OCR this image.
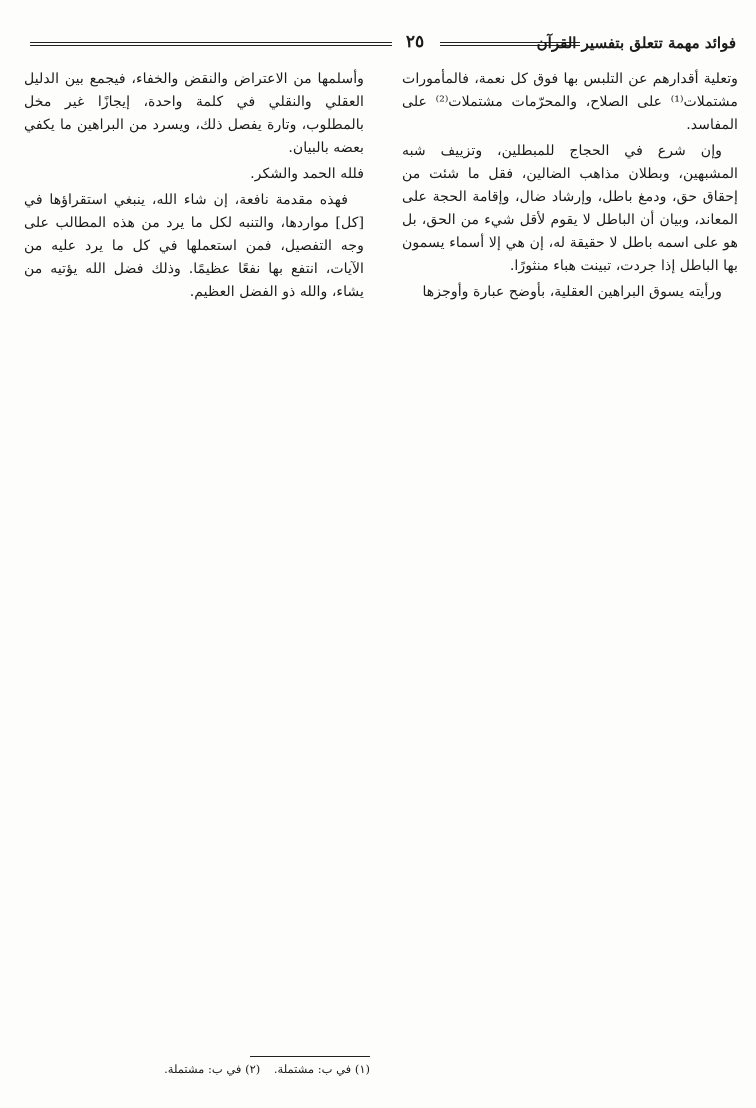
٢٥	فوائد مهمة تتعلق بتفسير القرآن

وتعلية أقدارهم عن التلبس بها فوق كل نعمة، فالمأمورات مشتملات⁽¹⁾ على الصلاح، والمحرّمات مشتملات⁽²⁾ على المفاسد.

وإن شرع في الحجاج للمبطلين، وتزييف شبه المشبهين، وبطلان مذاهب الضالين، فقل ما شئت من إحقاق حق، ودمغ باطل، وإرشاد ضال، وإقامة الحجة على المعاند، وبيان أن الباطل لا يقوم لأقل شيء من الحق، بل هو على اسمه باطل لا حقيقة له، إن هي إلا أسماء يسمون بها الباطل إذا جردت، تبينت هباء منثورًا.

ورأيته يسوق البراهين العقلية، بأوضح عبارة وأوجزها

وأسلمها من الاعتراض والنقض والخفاء، فيجمع بين الدليل العقلي والنقلي في كلمة واحدة، إيجازًا غير مخل بالمطلوب، وتارة يفصل ذلك، ويسرد من البراهين ما يكفي بعضه بالبيان.

فلله الحمد والشكر.

فهذه مقدمة نافعة، إن شاء الله، ينبغي استقراؤها في [كل] مواردها، والتنبه لكل ما يرد من هذه المطالب على وجه التفصيل، فمن استعملها في كل ما يرد عليه من الآيات، انتفع بها نفعًا عظيمًا. وذلك فضل الله يؤتيه من يشاء، والله ذو الفضل العظيم.

(١) في ب: مشتملة. (٢) في ب: مشتملة.
